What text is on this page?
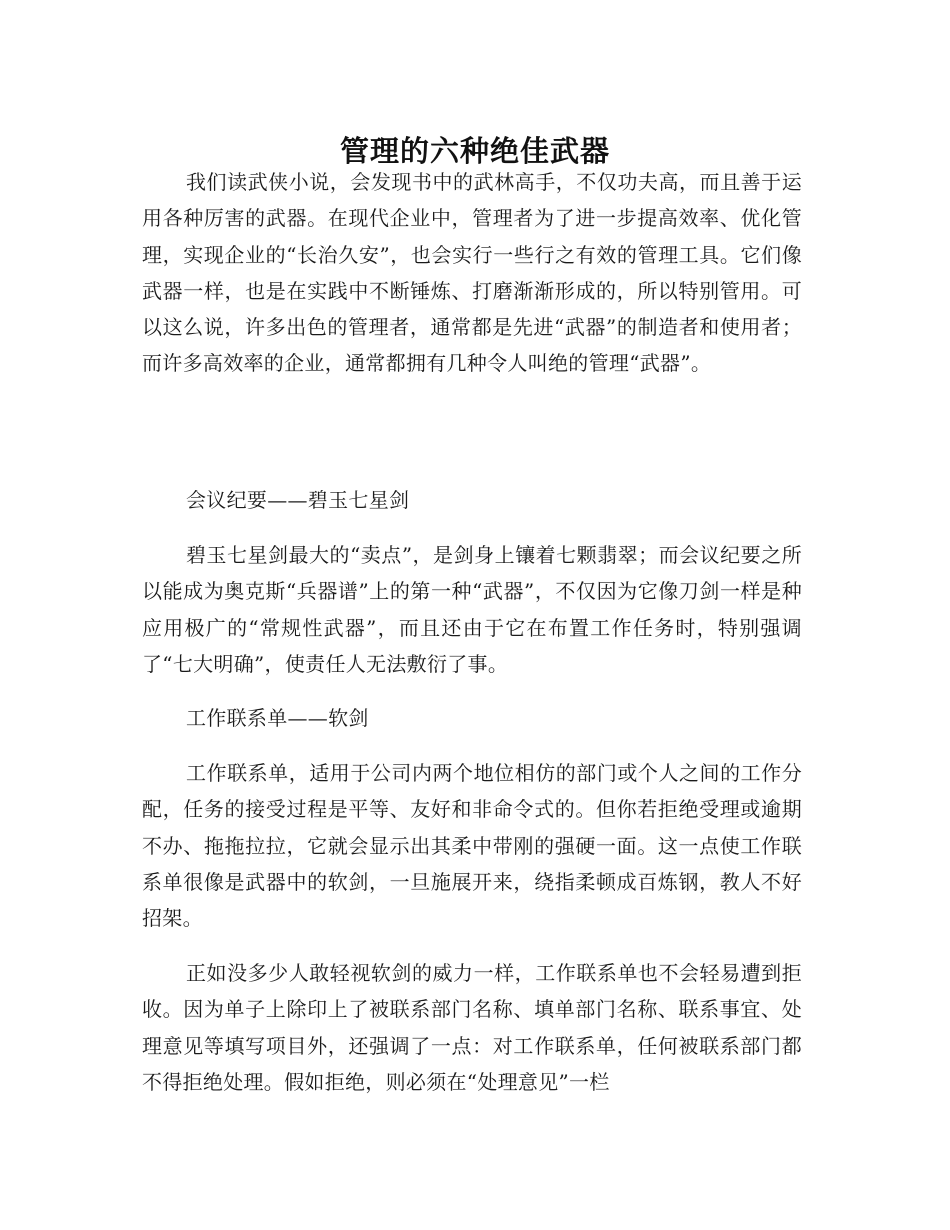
管理的六种绝佳武器

我们读武侠小说，会发现书中的武林高手，不仅功夫高，而且善于运用各种厉害的武器。在现代企业中，管理者为了进一步提高效率、优化管理，实现企业的“长治久安”，也会实行一些行之有效的管理工具。它们像武器一样，也是在实践中不断锤炼、打磨渐渐形成的，所以特别管用。可以这么说，许多出色的管理者，通常都是先进“武器”的制造者和使用者；而许多高效率的企业，通常都拥有几种令人叫绝的管理“武器”。

会议纪要——碧玉七星剑

碧玉七星剑最大的“卖点”，是剑身上镶着七颗翡翠；而会议纪要之所以能成为奥克斯“兵器谱”上的第一种“武器”，不仅因为它像刀剑一样是种应用极广的“常规性武器”，而且还由于它在布置工作任务时，特别强调了“七大明确”，使责任人无法敷衍了事。

工作联系单——软剑

工作联系单，适用于公司内两个地位相仿的部门或个人之间的工作分配，任务的接受过程是平等、友好和非命令式的。但你若拒绝受理或逾期不办、拖拖拉拉，它就会显示出其柔中带刚的强硬一面。这一点使工作联系单很像是武器中的软剑，一旦施展开来，绕指柔顿成百炼钢，教人不好招架。

正如没多少人敢轻视软剑的威力一样，工作联系单也不会轻易遭到拒收。因为单子上除印上了被联系部门名称、填单部门名称、联系事宜、处理意见等填写项目外，还强调了一点：对工作联系单，任何被联系部门都不得拒绝处理。假如拒绝，则必须在“处理意见”一栏
